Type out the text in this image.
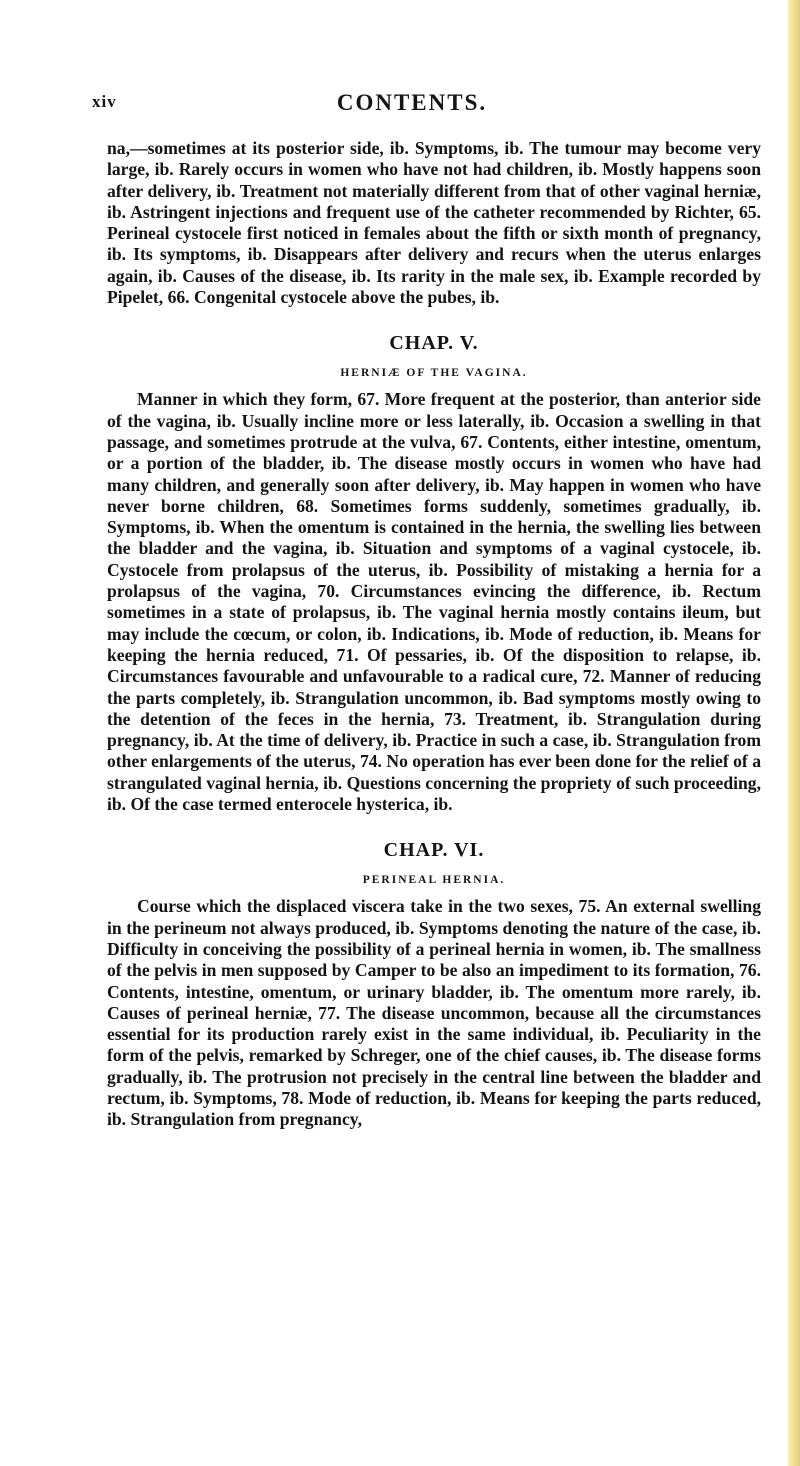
xiv	CONTENTS.

na,—sometimes at its posterior side, ib. Symptoms, ib. The tumour may become very large, ib. Rarely occurs in women who have not had children, ib. Mostly happens soon after delivery, ib. Treatment not materially different from that of other vaginal herniæ, ib. Astringent injections and frequent use of the catheter recommended by Richter, 65. Perineal cystocele first noticed in females about the fifth or sixth month of pregnancy, ib. Its symptoms, ib. Disappears after delivery and recurs when the uterus enlarges again, ib. Causes of the disease, ib. Its rarity in the male sex, ib. Example recorded by Pipelet, 66. Congenital cystocele above the pubes, ib.

CHAP. V.
HERNIÆ OF THE VAGINA.

Manner in which they form, 67. More frequent at the posterior, than anterior side of the vagina, ib. Usually incline more or less laterally, ib. Occasion a swelling in that passage, and sometimes protrude at the vulva, 67. Contents, either intestine, omentum, or a portion of the bladder, ib. The disease mostly occurs in women who have had many children, and generally soon after delivery, ib. May happen in women who have never borne children, 68. Sometimes forms suddenly, sometimes gradually, ib. Symptoms, ib. When the omentum is contained in the hernia, the swelling lies between the bladder and the vagina, ib. Situation and symptoms of a vaginal cystocele, ib. Cystocele from prolapsus of the uterus, ib. Possibility of mistaking a hernia for a prolapsus of the vagina, 70. Circumstances evincing the difference, ib. Rectum sometimes in a state of prolapsus, ib. The vaginal hernia mostly contains ileum, but may include the cœcum, or colon, ib. Indications, ib. Mode of reduction, ib. Means for keeping the hernia reduced, 71. Of pessaries, ib. Of the disposition to relapse, ib. Circumstances favourable and unfavourable to a radical cure, 72. Manner of reducing the parts completely, ib. Strangulation uncommon, ib. Bad symptoms mostly owing to the detention of the feces in the hernia, 73. Treatment, ib. Strangulation during pregnancy, ib. At the time of delivery, ib. Practice in such a case, ib. Strangulation from other enlargements of the uterus, 74. No operation has ever been done for the relief of a strangulated vaginal hernia, ib. Questions concerning the propriety of such proceeding, ib. Of the case termed enterocele hysterica, ib.

CHAP. VI.
PERINEAL HERNIA.

Course which the displaced viscera take in the two sexes, 75. An external swelling in the perineum not always produced, ib. Symptoms denoting the nature of the case, ib. Difficulty in conceiving the possibility of a perineal hernia in women, ib. The smallness of the pelvis in men supposed by Camper to be also an impediment to its formation, 76. Contents, intestine, omentum, or urinary bladder, ib. The omentum more rarely, ib. Causes of perineal herniæ, 77. The disease uncommon, because all the circumstances essential for its production rarely exist in the same individual, ib. Peculiarity in the form of the pelvis, remarked by Schreger, one of the chief causes, ib. The disease forms gradually, ib. The protrusion not precisely in the central line between the bladder and rectum, ib. Symptoms, 78. Mode of reduction, ib. Means for keeping the parts reduced, ib. Strangulation from pregnancy,
